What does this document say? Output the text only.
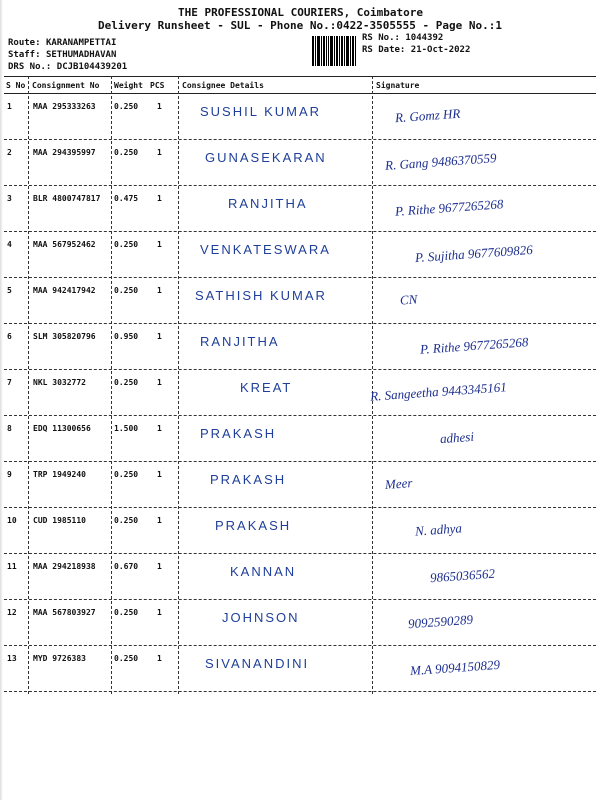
THE PROFESSIONAL COURIERS, Coimbatore
Delivery Runsheet - SUL - Phone No.:0422-3505555 - Page No.:1
Route: KARANAMPETTAI
Staff: SETHUMADHAVAN
DRS No.: DCJB104439201
RS No.: 1044392
RS Date: 21-Oct-2022
S No Consignment No Weight PCS Consignee Details	Signature
1	MAA 295333263 0.250 1	SUSHIL KUMAR	R. Gomz HR
2	MAA 294395997 0.250 1	GUNASEKARAN	R. Gang 9486370559
3	BLR 4800747817 0.475 1	RANJITHA	P. Rithe 9677265268
4	MAA 567952462 0.250 1	VENKATESWARA	P. Sujitha 9677609826
5	MAA 942417942 0.250 1	SATHISH KUMAR	CN
6	SLM 305820796 0.950 1	RANJITHA	P. Rithe 9677265268
7	NKL 3032772	0.250 1	KREAT	R. Sangeetha 9443345161
8	EDQ 11300656	1.500 1	PRAKASH	adhesi
9	TRP 1949240	0.250 1	PRAKASH	Meer
10 CUD 1985110	0.250 1	PRAKASH	N. adhya
11 MAA 294218938 0.670 1	KANNAN	9865036562
12 MAA 567803927 0.250 1	JOHNSON	9092590289
13 MYD 9726383	0.250 1	SIVANANDINI	M.A 9094150829
